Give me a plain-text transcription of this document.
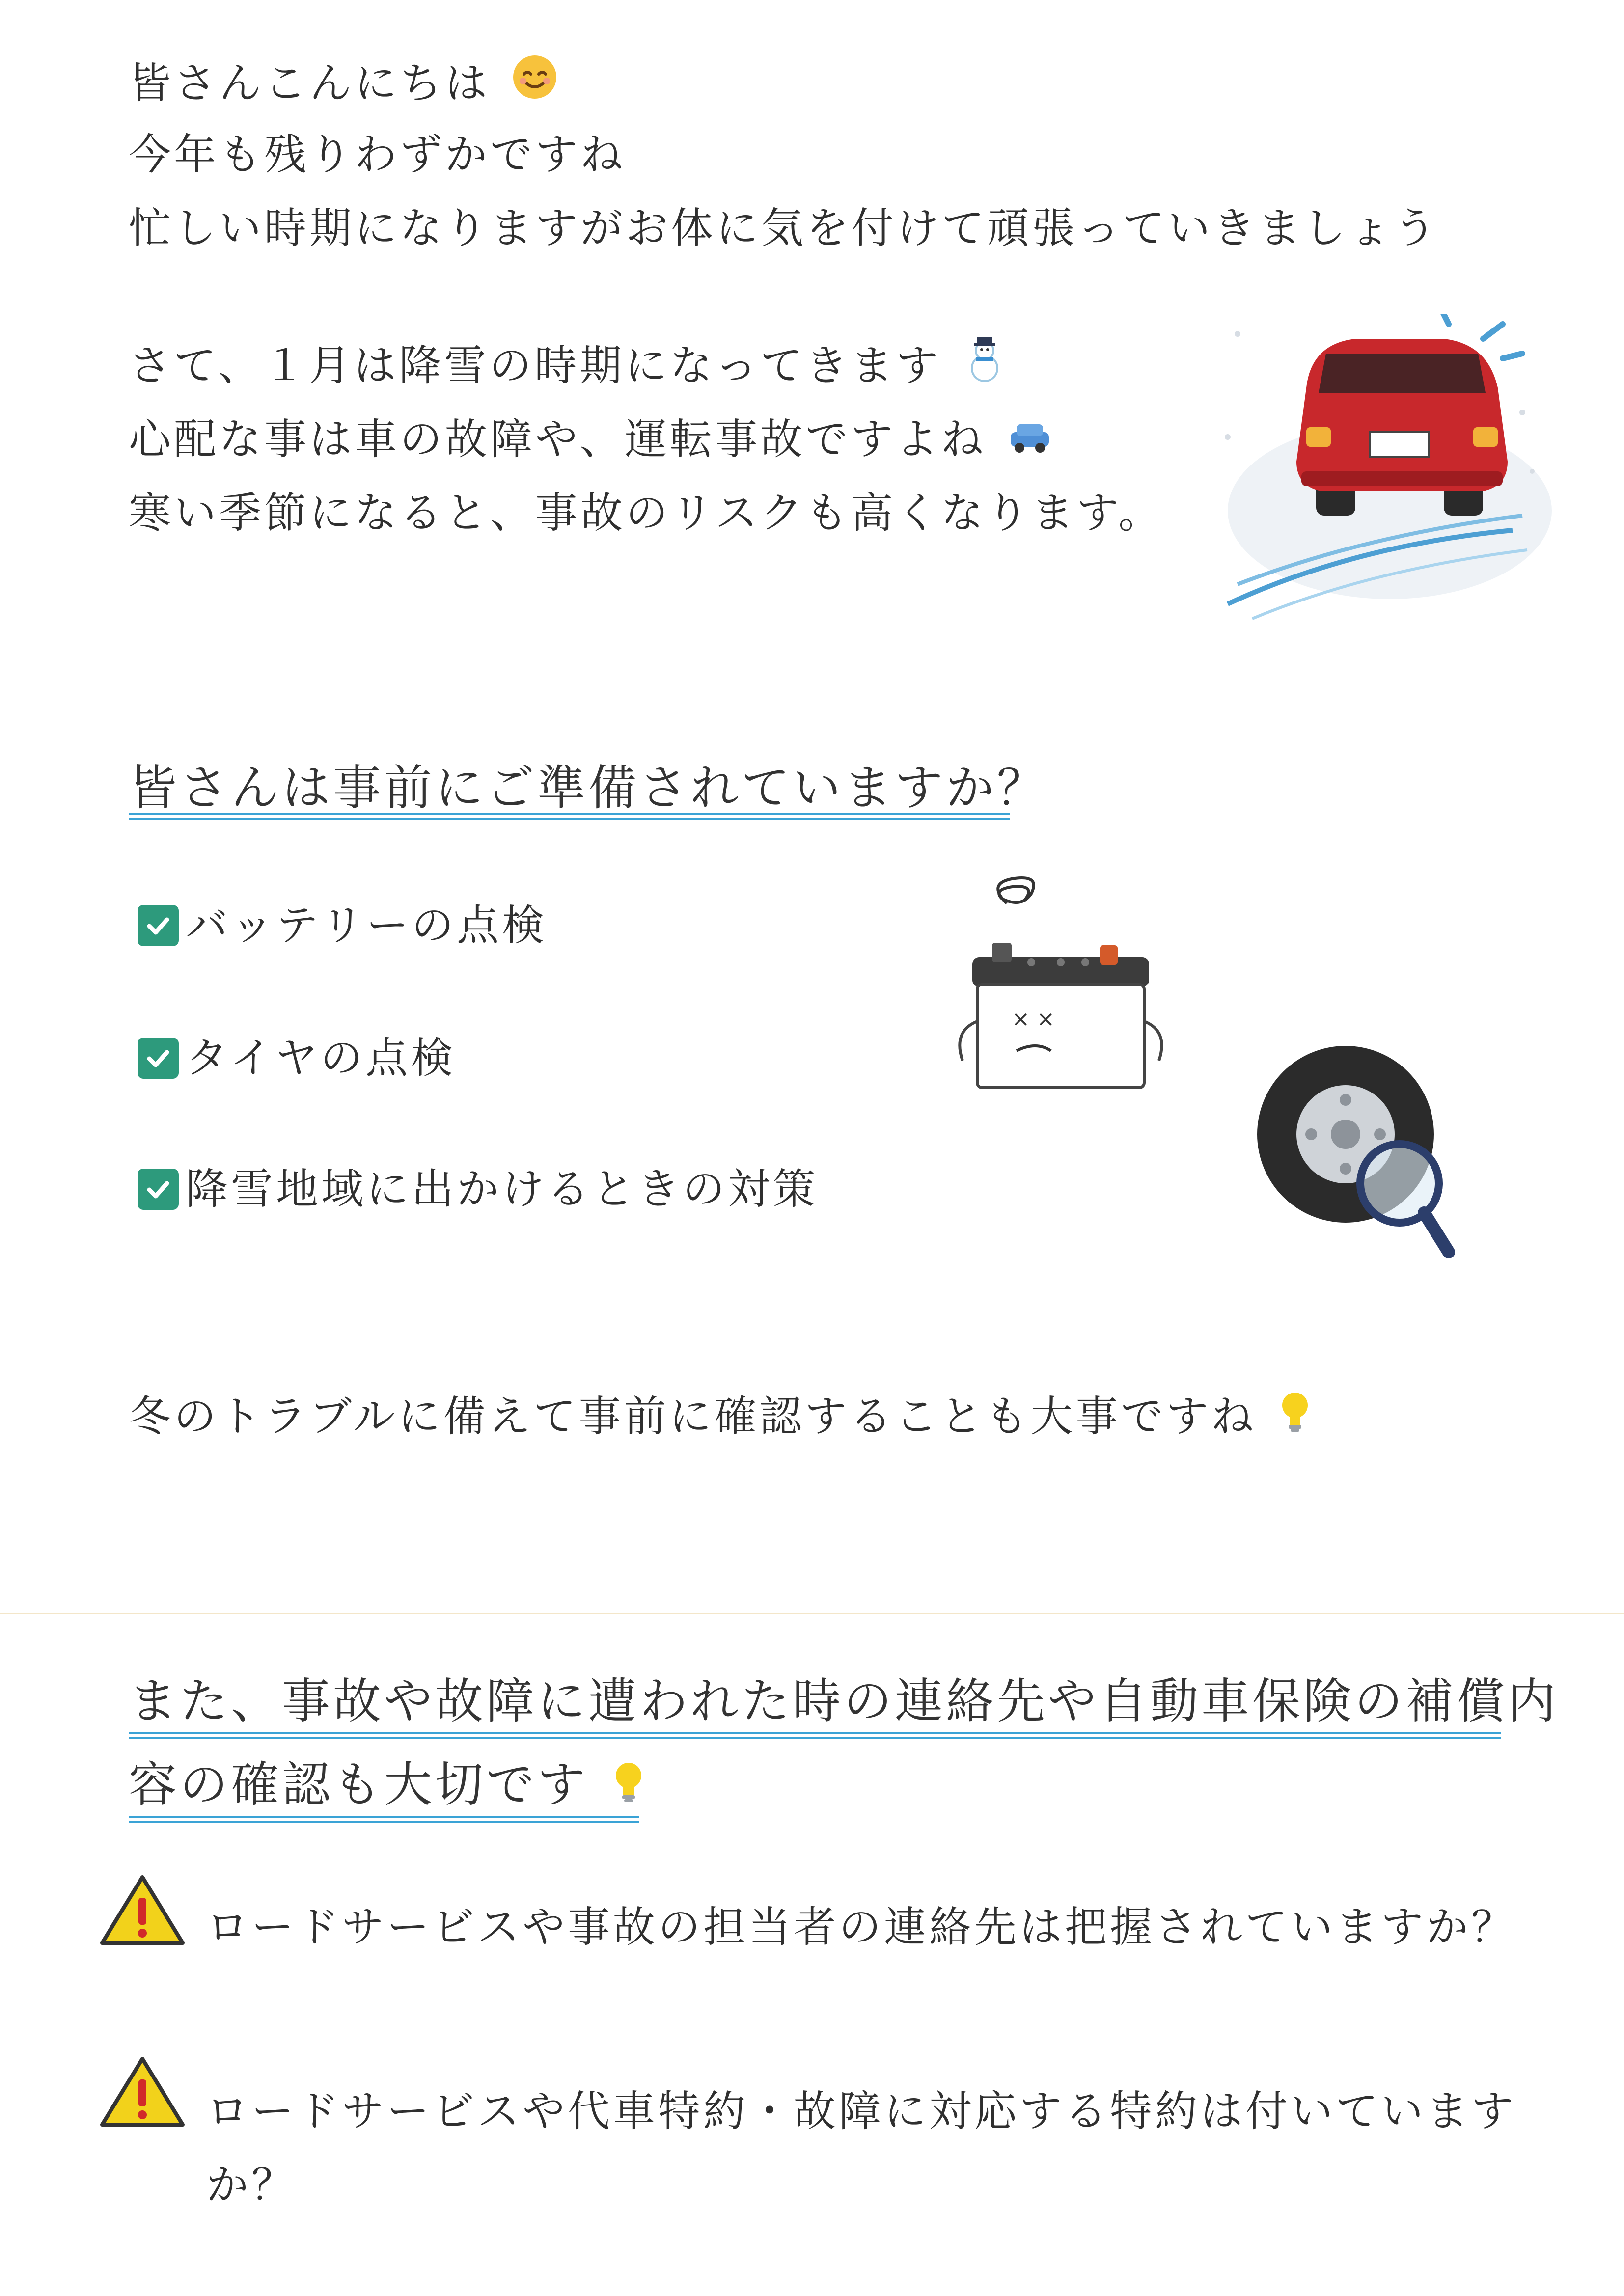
皆さんこんにちは
今年も残りわずかですね
忙しい時期になりますがお体に気を付けて頑張っていきましょう
さて、１月は降雪の時期になってきます
心配な事は車の故障や、運転事故ですよね
寒い季節になると、事故のリスクも高くなります。
皆さんは事前にご準備されていますか？
バッテリーの点検
タイヤの点検
降雪地域に出かけるときの対策
× ×
冬のトラブルに備えて事前に確認することも大事ですね
また、事故や故障に遭われた時の連絡先や自動車保険の補償内
容の確認も大切です
ロードサービスや事故の担当者の連絡先は把握されていますか？
ロードサービスや代車特約・故障に対応する特約は付いています
か？
